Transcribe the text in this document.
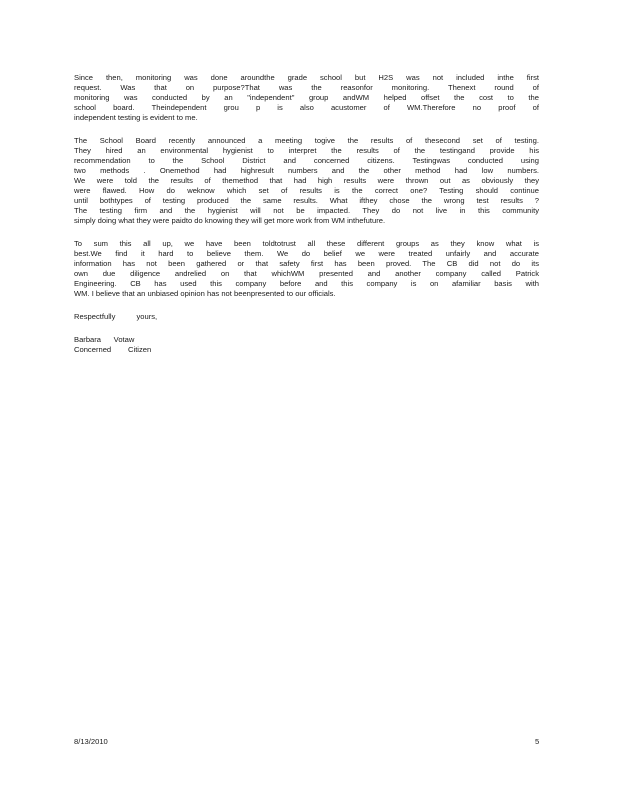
Since then, monitoring was done aroundthe grade school but H2S was not included inthe first
request. Was that on purpose?That was the reasonfor monitoring. Thenext round of
monitoring was conducted by an "independent" group andWM helped offset the cost to the
school board. Theindependent grou p is also acustomer of WM.Therefore no proof of
independent testing is evident to me.
The School Board recently announced a meeting togive the results of thesecond set of testing.
They hired an environmental hygienist to interpret the results of the testingand provide his
recommendation to the School District and concerned citizens. Testingwas conducted using
two methods . Onemethod had highresult numbers and the other method had low numbers.
We were told the results of themethod that had high results were thrown out as obviously they
were flawed. How do weknow which set of results is the correct one? Testing should continue
until bothtypes of testing produced the same results. What ifthey chose the wrong test results ?
The testing firm and the hygienist will not be impacted. They do not live in this community
simply doing what they were paidto do knowing they will get more work from WM inthefuture.
To sum this all up, we have been toldtotrust all these different groups as they know what is
best.We find it hard to believe them. We do belief we were treated unfairly and accurate
information has not been gathered or that safety first has been proved. The CB did not do its
own due diligence andrelied on that whichWM presented and another company called Patrick
Engineering. CB has used this company before and this company is on afamiliar basis with
WM. I believe that an unbiased opinion has not beenpresented to our officials.
Respectfully          yours,
Barbara      Votaw
Concerned        Citizen
8/13/2010	5
